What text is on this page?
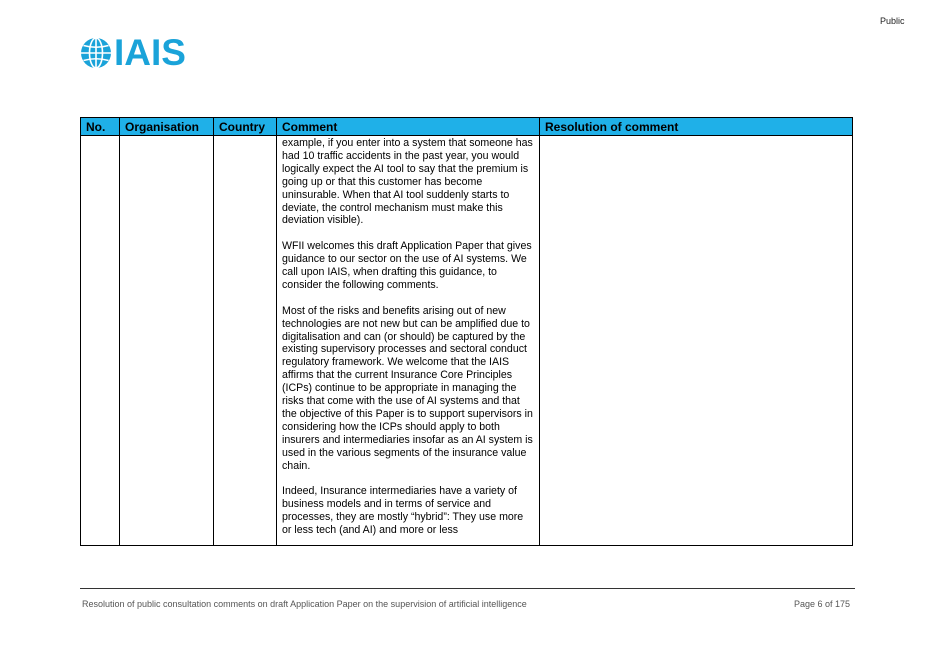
Public
IAIS
No.	Organisation	Country	Comment	Resolution of comment

			example, if you enter into a system that someone has had 10 traffic accidents in the past year, you would logically expect the AI tool to say that the premium is going up or that this customer has become uninsurable. When that AI tool suddenly starts to deviate, the control mechanism must make this deviation visible).

WFII welcomes this draft Application Paper that gives guidance to our sector on the use of AI systems. We call upon IAIS, when drafting this guidance, to consider the following comments.

Most of the risks and benefits arising out of new technologies are not new but can be amplified due to digitalisation and can (or should) be captured by the existing supervisory processes and sectoral conduct regulatory framework. We welcome that the IAIS affirms that the current Insurance Core Principles (ICPs) continue to be appropriate in managing the risks that come with the use of AI systems and that the objective of this Paper is to support supervisors in considering how the ICPs should apply to both insurers and intermediaries insofar as an AI system is used in the various segments of the insurance value chain.

Indeed, Insurance intermediaries have a variety of business models and in terms of service and processes, they are mostly “hybrid”: They use more or less tech (and AI) and more or less	

Resolution of public consultation comments on draft Application Paper on the supervision of artificial intelligence	Page 6 of 175
